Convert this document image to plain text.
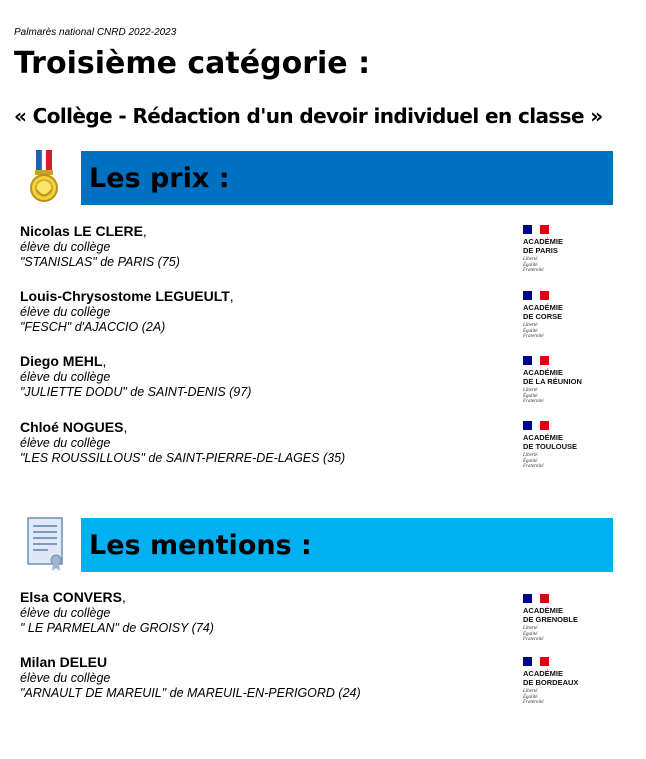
Palmarès national CNRD 2022-2023
Troisième catégorie :
« Collège - Rédaction d'un devoir individuel en classe »
Les prix :
Nicolas LE CLERE,
élève du collège
"STANISLAS" de PARIS (75)
ACADÉMIE
DE PARIS
Liberté
Égalité
Fraternité
Louis-Chrysostome LEGUEULT,
élève du collège
"FESCH" d'AJACCIO (2A)
ACADÉMIE
DE CORSE
Liberté
Égalité
Fraternité
Diego MEHL,
élève du collège
"JULIETTE DODU" de SAINT-DENIS (97)
ACADÉMIE
DE LA RÉUNION
Liberté
Égalité
Fraternité
Chloé NOGUES,
élève du collège
"LES ROUSSILLOUS" de SAINT-PIERRE-DE-LAGES (35)
ACADÉMIE
DE TOULOUSE
Liberté
Égalité
Fraternité
Les mentions :
Elsa CONVERS,
élève du collège
" LE PARMELAN" de GROISY (74)
ACADÉMIE
DE GRENOBLE
Liberté
Égalité
Fraternité
Milan DELEU
élève du collège
"ARNAULT DE MAREUIL" de MAREUIL-EN-PERIGORD (24)
ACADÉMIE
DE BORDEAUX
Liberté
Égalité
Fraternité
